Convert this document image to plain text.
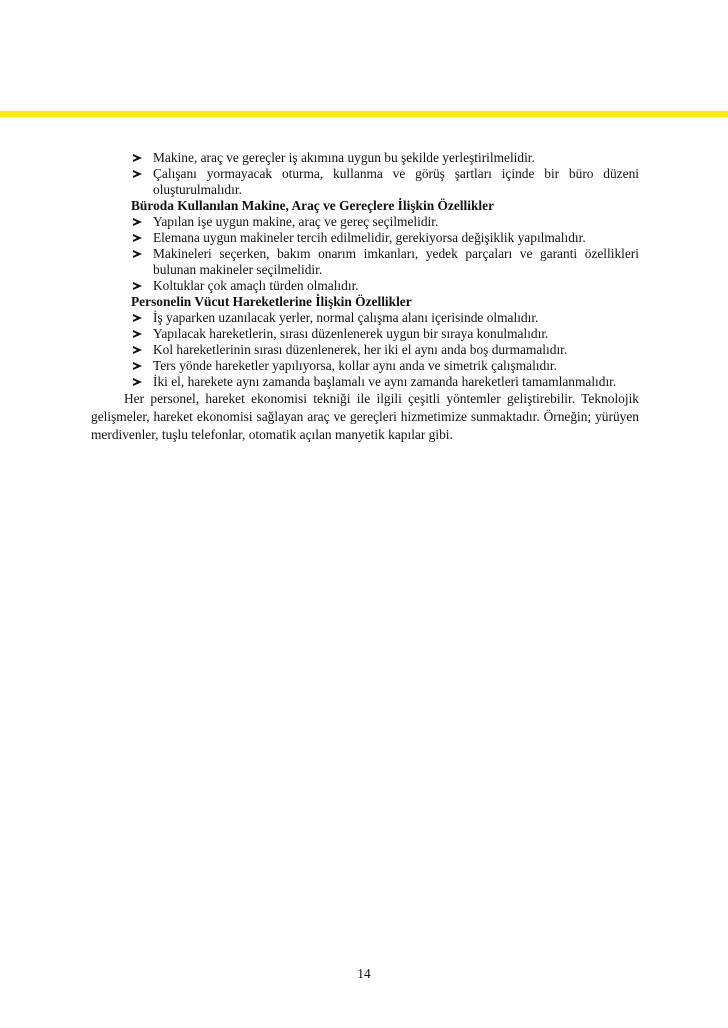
Makine, araç ve gereçler iş akımına uygun bu şekilde yerleştirilmelidir.
Çalışanı yormayacak oturma, kullanma ve görüş şartları içinde bir büro düzeni oluşturulmalıdır.
Büroda Kullanılan Makine, Araç ve Gereçlere İlişkin Özellikler
Yapılan işe uygun makine, araç ve gereç seçilmelidir.
Elemana uygun makineler tercih edilmelidir, gerekiyorsa değişiklik yapılmalıdır.
Makineleri seçerken, bakım onarım imkanları, yedek parçaları ve garanti özellikleri bulunan makineler seçilmelidir.
Koltuklar çok amaçlı türden olmalıdır.
Personelin Vücut Hareketlerine İlişkin Özellikler
İş yaparken uzanılacak yerler, normal çalışma alanı içerisinde olmalıdır.
Yapılacak hareketlerin, sırası düzenlenerek uygun bir sıraya konulmalıdır.
Kol hareketlerinin sırası düzenlenerek, her iki el aynı anda boş durmamalıdır.
Ters yönde hareketler yapılıyorsa, kollar aynı anda ve simetrik çalışmalıdır.
İki el, harekete aynı zamanda başlamalı ve aynı zamanda hareketleri tamamlanmalıdır.

Her personel, hareket ekonomisi tekniği ile ilgili çeşitli yöntemler geliştirebilir. Teknolojik gelişmeler, hareket ekonomisi sağlayan araç ve gereçleri hizmetimize sunmaktadır. Örneğin; yürüyen merdivenler, tuşlu telefonlar, otomatik açılan manyetik kapılar gibi.

14
